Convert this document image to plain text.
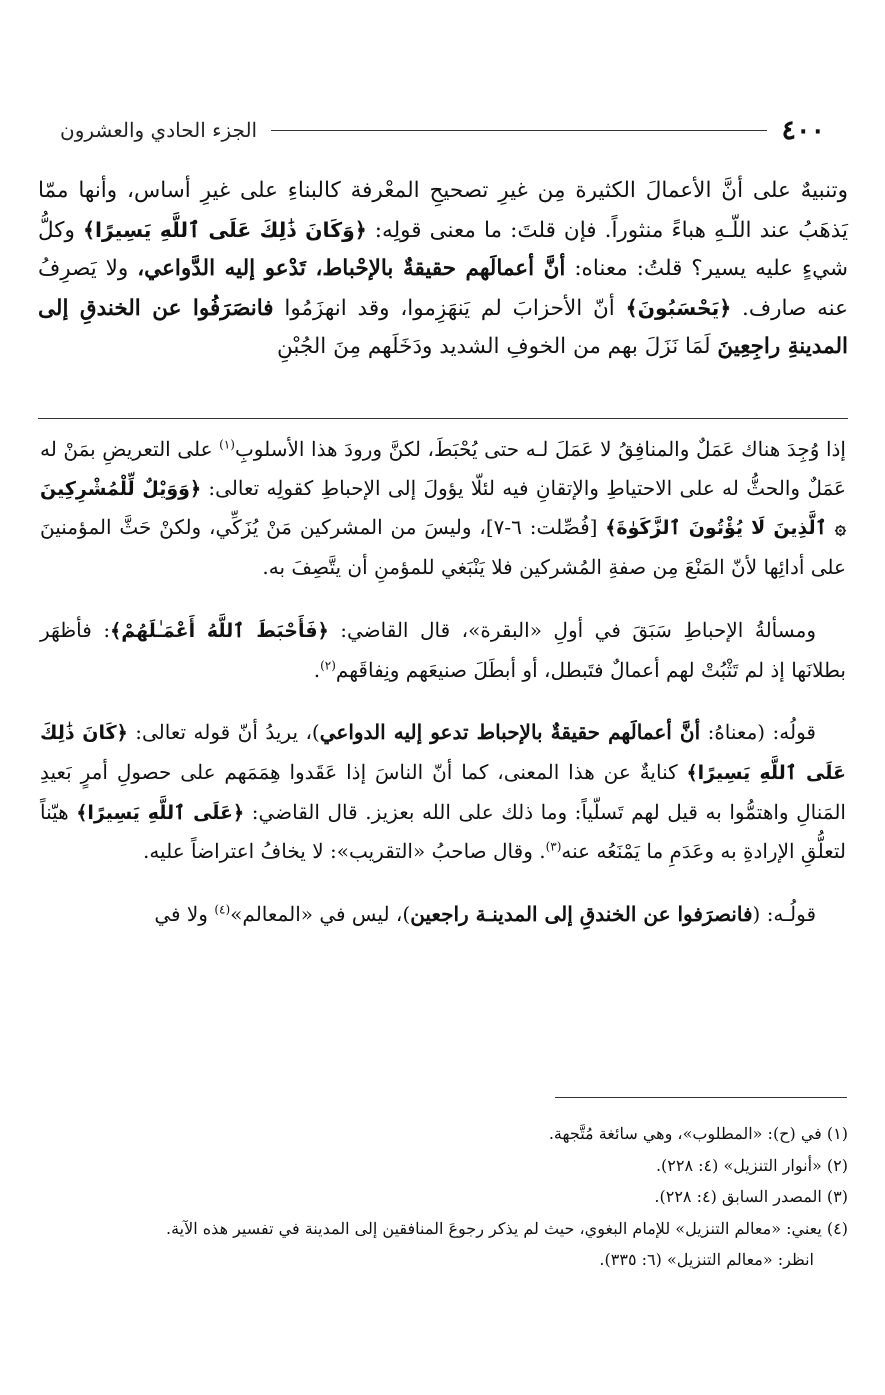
الجزء الحادي والعشرون	٤٠٠

وتنبيهٌ على أنَّ الأعمالَ الكثيرة مِن غيرِ تصحيحِ المعْرفة كالبناءِ على غيرِ أساس، وأنها ممّا يَذهَبُ عند اللّـهِ هباءً منثوراً. فإن قلتَ: ما معنى قولِه: ﴿وَكَانَ ذَٰلِكَ عَلَى ٱللَّهِ يَسِيرًا﴾ وكلُّ شيءٍ عليه يسير؟ قلتُ: معناه: أنَّ أعمالَهم حقيقةٌ بالإحْباط، تَدْعو إليه الدَّواعي، ولا يَصرِفُ عنه صارف. ﴿يَحْسَبُونَ﴾ أنّ الأحزابَ لم يَنهَزِموا، وقد انهزَمُوا فانصَرَفُوا عن الخندقِ إلى المدينةِ راجِعِينَ لَمَا نَزَلَ بهم من الخوفِ الشديد ودَخَلَهم مِنَ الجُبْنِ

إذا وُجِدَ هناك عَمَلٌ والمنافِقُ لا عَمَلَ لـه حتى يُحْبَطَ، لكنَّ ورودَ هذا الأسلوبِ$^{(١)}$ على التعريضِ بمَنْ له عَمَلٌ والحثُّ له على الاحتياطِ والإتقانِ فيه لئلّا يؤولَ إلى الإحباطِ كقولِه تعالى: ﴿وَوَيْلٌ لِّلْمُشْرِكِينَ ۞ ٱلَّذِينَ لَا يُؤْتُونَ ٱلزَّكَوٰةَ﴾ [فُصِّلت: ٦-٧]، وليسَ من المشركين مَنْ يُزَكِّي، ولكنْ حَثَّ المؤمنينَ على أدائِها لأنّ المَنْعَ مِن صفةِ المُشركين فلا يَنْبَغي للمؤمنِ أن يتَّصِفَ به.

ومسألةُ الإحباطِ سَبَقَ في أولِ «البقرة»، قال القاضي: ﴿فَأَحْبَطَ ٱللَّهُ أَعْمَـٰلَهُمْ﴾: فأظهَر بطلانَها إذ لم تَثْبُتْ لهم أعمالٌ فتَبطل، أو أبطَلَ صنيعَهم ونِفاقَهم$^{(٢)}$.

قولُه: (معناهُ: أنَّ أعمالَهم حقيقةٌ بالإحباط تدعو إليه الدواعي)، يريدُ أنّ قوله تعالى: ﴿كَانَ ذَٰلِكَ عَلَى ٱللَّهِ يَسِيرًا﴾ كنايةٌ عن هذا المعنى، كما أنّ الناسَ إذا عَقَدوا هِمَمَهم على حصولِ أمرٍ بَعيدِ المَنالِ واهتمُّوا به قيل لهم تَسلّياً: وما ذلك على الله بعزيز. قال القاضي: ﴿عَلَى ٱللَّهِ يَسِيرًا﴾ هيّناً لتعلُّقِ الإرادةِ به وعَدَمِ ما يَمْنَعُه عنه$^{(٣)}$. وقال صاحبُ «التقريب»: لا يخافُ اعتراضاً عليه.

قولُـه: (فانصرَفوا عن الخندقِ إلى المدينـة راجعين)، ليس في «المعالم»$^{(٤)}$ ولا في

(١) في (ح): «المطلوب»، وهي سائغة مُتَّجهة.

(٢) «أنوار التنزيل» (٤: ٢٢٨).

(٣) المصدر السابق (٤: ٢٢٨).

(٤) يعني: «معالم التنزيل» للإمام البغوي، حيث لم يذكر رجوعَ المنافقين إلى المدينة في تفسير هذه الآية.

انظر: «معالم التنزيل» (٦: ٣٣٥).
